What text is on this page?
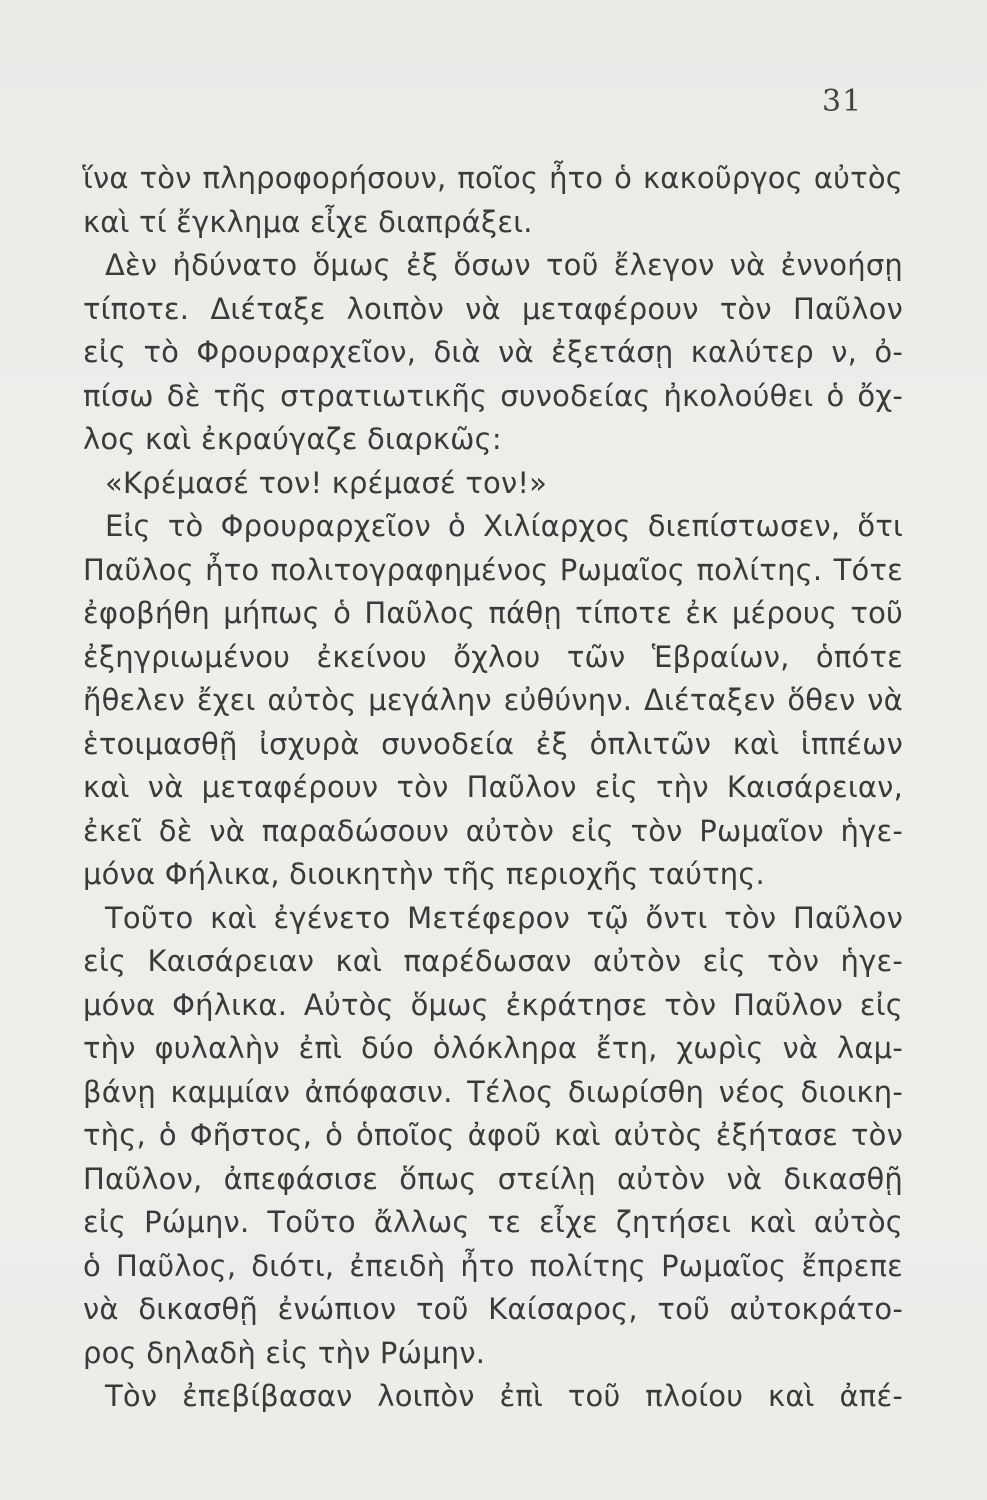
31
ἵνα τὸν πληροφορήσουν, ποῖος ἦτο ὁ κακοῦργος αὐτὸς
καὶ τί ἔγκλημα εἶχε διαπράξει.
Δὲν ἠδύνατο ὅμως ἐξ ὅσων τοῦ ἔλεγον νὰ ἐννοήσῃ
τίποτε. Διέταξε λοιπὸν νὰ μεταφέρουν τὸν Παῦλον
εἰς τὸ Φρουραρχεῖον, διὰ νὰ ἐξετάσῃ καλύτερ ν, ὀ-
πίσω δὲ τῆς στρατιωτικῆς συνοδείας ἠκολούθει ὁ ὄχ-
λος καὶ ἐκραύγαζε διαρκῶς:
«Κρέμασέ τον! κρέμασέ τον!»
Εἰς τὸ Φρουραρχεῖον ὁ Χιλίαρχος διεπίστωσεν, ὅτι
Παῦλος ἦτο πολιτογραφημένος Ρωμαῖος πολίτης. Τότε
ἐφοβήθη μήπως ὁ Παῦλος πάθῃ τίποτε ἐκ μέρους τοῦ
ἐξηγριωμένου ἐκείνου ὄχλου τῶν Ἑβραίων, ὁπότε
ἤθελεν ἔχει αὐτὸς μεγάλην εὐθύνην. Διέταξεν ὅθεν νὰ
ἑτοιμασθῇ ἰσχυρὰ συνοδεία ἐξ ὁπλιτῶν καὶ ἱππέων
καὶ νὰ μεταφέρουν τὸν Παῦλον εἰς τὴν Καισάρειαν,
ἐκεῖ δὲ νὰ παραδώσουν αὐτὸν εἰς τὸν Ρωμαῖον ἡγε-
μόνα Φήλικα, διοικητὴν τῆς περιοχῆς ταύτης.
Τοῦτο καὶ ἐγένετο Μετέφερον τῷ ὄντι τὸν Παῦλον
εἰς Καισάρειαν καὶ παρέδωσαν αὐτὸν εἰς τὸν ἡγε-
μόνα Φήλικα. Αὐτὸς ὅμως ἐκράτησε τὸν Παῦλον εἰς
τὴν φυλαλὴν ἐπὶ δύο ὁλόκληρα ἔτη, χωρὶς νὰ λαμ-
βάνῃ καμμίαν ἀπόφασιν. Τέλος διωρίσθη νέος διοικη-
τὴς, ὁ Φῆστος, ὁ ὁποῖος ἀφοῦ καὶ αὐτὸς ἐξήτασε τὸν
Παῦλον, ἀπεφάσισε ὅπως στείλῃ αὐτὸν νὰ δικασθῇ
εἰς Ρώμην. Τοῦτο ἄλλως τε εἶχε ζητήσει καὶ αὐτὸς
ὁ Παῦλος, διότι, ἐπειδὴ ἦτο πολίτης Ρωμαῖος ἔπρεπε
νὰ δικασθῇ ἐνώπιον τοῦ Καίσαρος, τοῦ αὐτοκράτο-
ρος δηλαδὴ εἰς τὴν Ρώμην.
Τὸν ἐπεβίβασαν λοιπὸν ἐπὶ τοῦ πλοίου καὶ ἀπέ-
